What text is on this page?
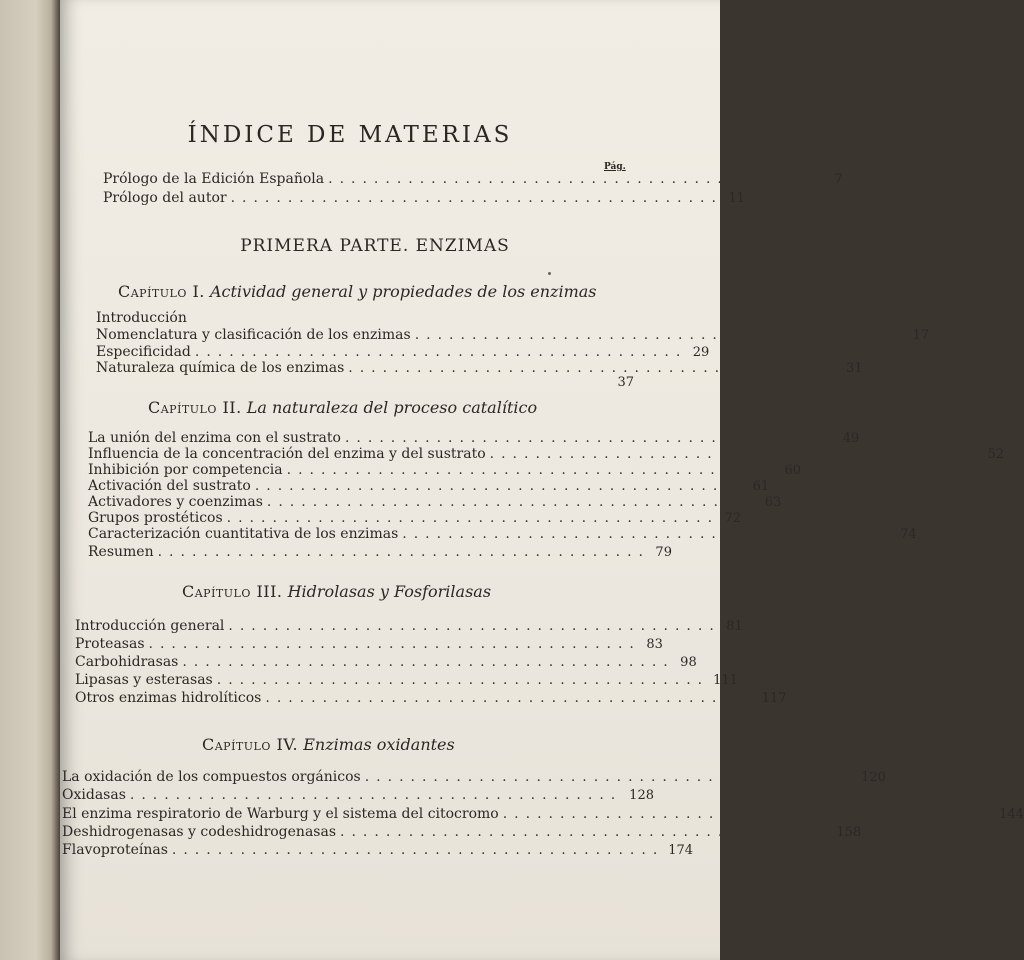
ÍNDICE DE MATERIAS
Pág.
Prólogo de la Edición Española ...........................................	7
Prólogo del autor ........................................... 11
PRIMERA PARTE. ENZIMAS
Capítulo I. Actividad general y propiedades de los enzimas
Introducción
Nomenclatura y clasificación de los enzimas ........................................... 17
Especificidad ........................................... 29
Naturaleza química de los enzimas ........................................... 31
37
Capítulo II. La naturaleza del proceso catalítico
La unión del enzima con el sustrato ........................................... 49
Influencia de la concentración del enzima y del sustrato ........................................... 52
Inhibición por competencia ........................................... 60
Activación del sustrato ........................................... 61
Activadores y coenzimas ........................................... 63
Grupos prostéticos ........................................... 72
Caracterización cuantitativa de los enzimas ........................................... 74
Resumen ........................................... 79
Capítulo III. Hidrolasas y Fosforilasas
Introducción general ........................................... 81
Proteasas ........................................... 83
Carbohidrasas ........................................... 98
Lipasas y esterasas ........................................... 111
Otros enzimas hidrolíticos ........................................... 117
Capítulo IV. Enzimas oxidantes
La oxidación de los compuestos orgánicos ........................................... 120
Oxidasas ........................................... 128
El enzima respiratorio de Warburg y el sistema del citocromo ........................................... 144
Deshidrogenasas y codeshidrogenasas ........................................... 158
Flavoproteínas ........................................... 174
